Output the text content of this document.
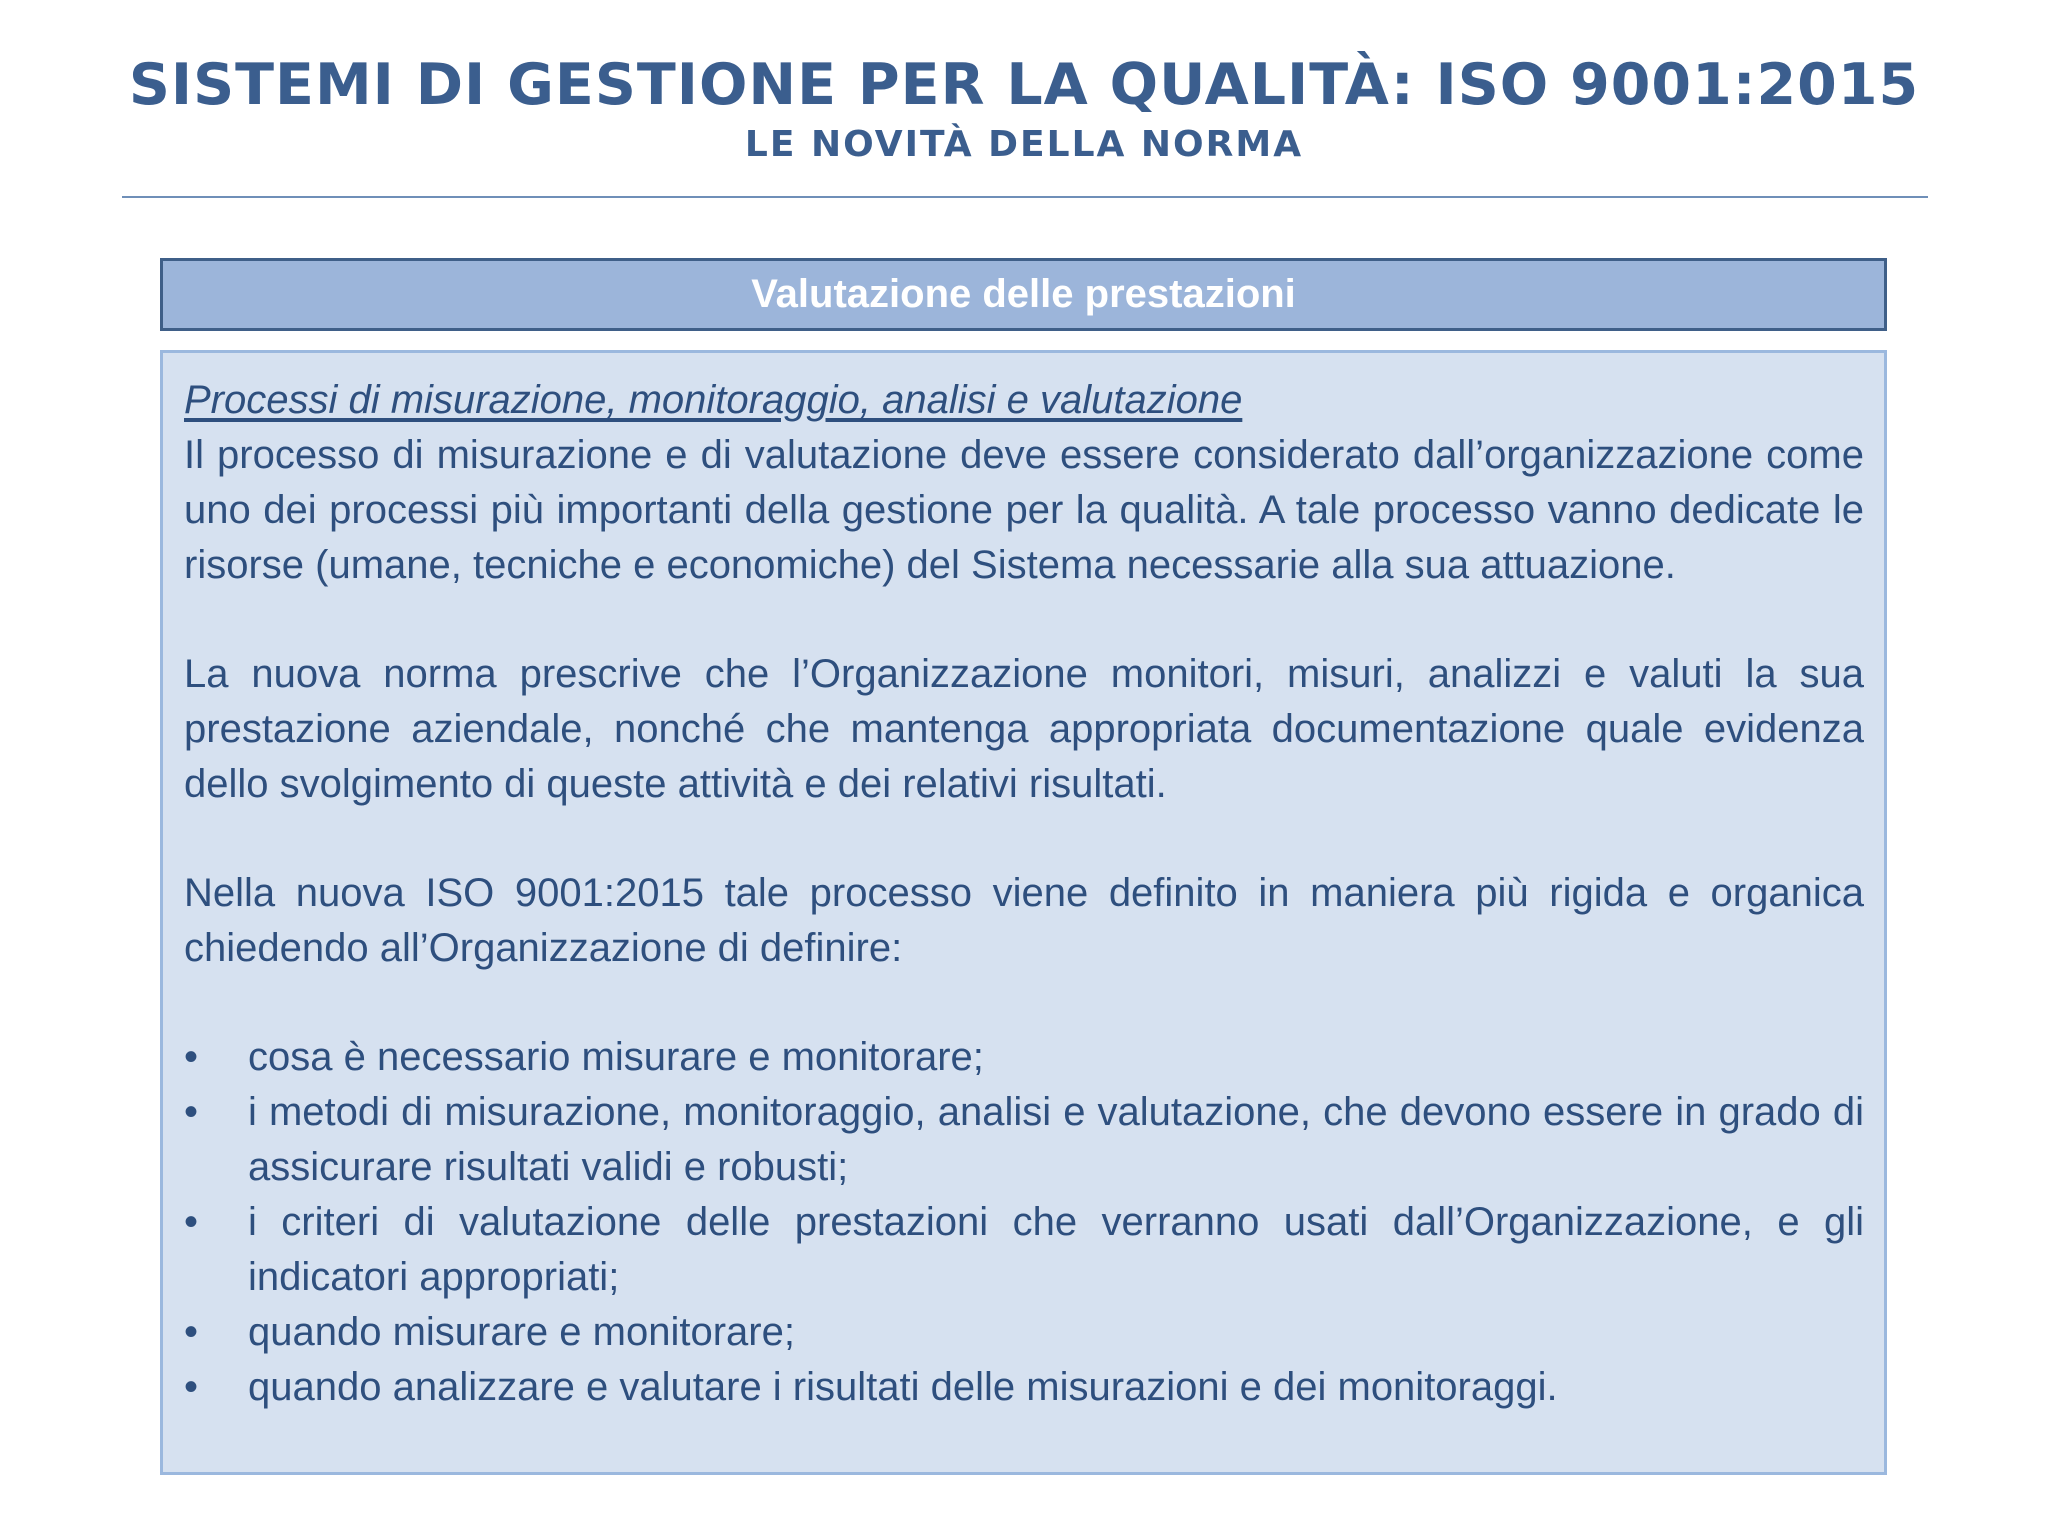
SISTEMI DI GESTIONE PER LA QUALITÀ: ISO 9001:2015
LE NOVITÀ DELLA NORMA
Valutazione delle prestazioni
Processi di misurazione, monitoraggio, analisi e valutazione

Il processo di misurazione e di valutazione deve essere considerato dall’organizzazione come uno dei processi più importanti della gestione per la qualità. A tale processo vanno dedicate le risorse (umane, tecniche e economiche) del Sistema necessarie alla sua attuazione.

La nuova norma prescrive che l’Organizzazione monitori, misuri, analizzi e valuti la sua prestazione aziendale, nonché che mantenga appropriata documentazione quale evidenza dello svolgimento di queste attività e dei relativi risultati.

Nella nuova ISO 9001:2015 tale processo viene definito in maniera più rigida e organica chiedendo all’Organizzazione di definire:

• cosa è necessario misurare e monitorare;
• i metodi di misurazione, monitoraggio, analisi e valutazione, che devono essere in grado di assicurare risultati validi e robusti;
• i criteri di valutazione delle prestazioni che verranno usati dall’Organizzazione, e gli indicatori appropriati;
• quando misurare e monitorare;
• quando analizzare e valutare i risultati delle misurazioni e dei monitoraggi.
